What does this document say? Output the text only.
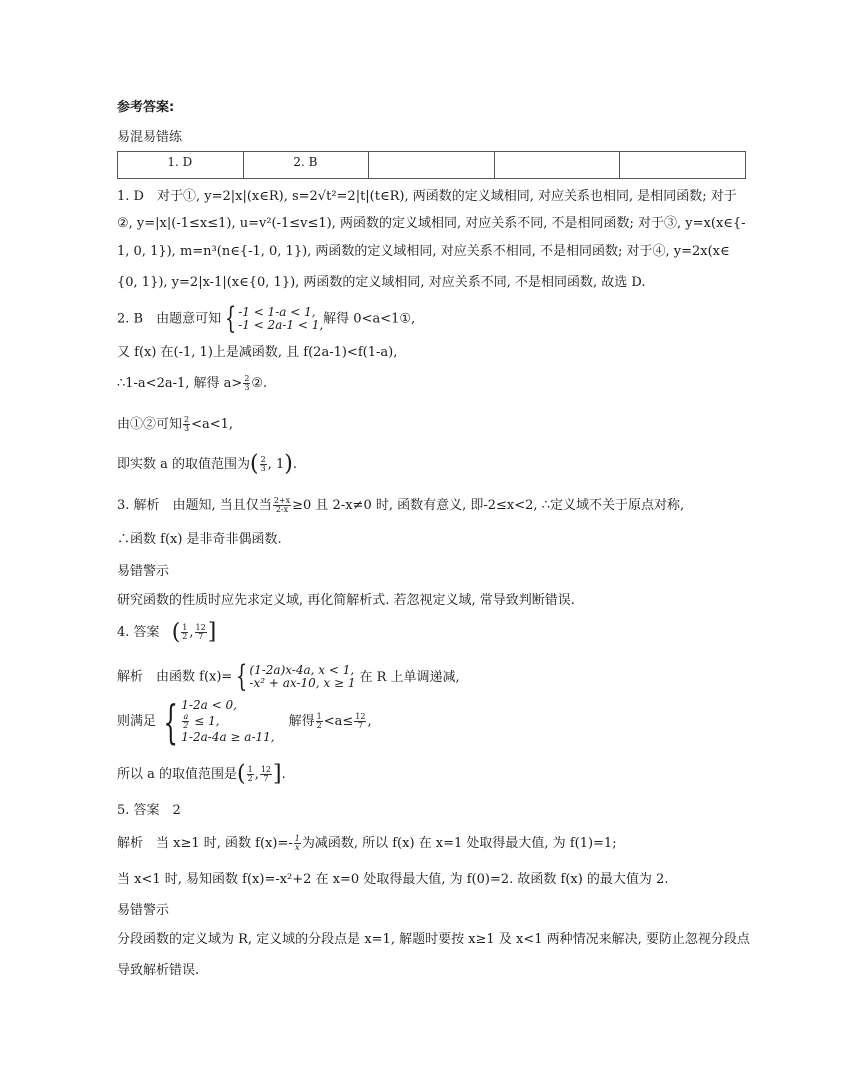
参考答案:
易混易错练
1. D	2. B			
1. D　对于①, y=2|x|(x∈R), s=2√t²=2|t|(t∈R), 两函数的定义域相同, 对应关系也相同, 是相同函数; 对于
②, y=|x|(-1≤x≤1), u=v²(-1≤v≤1), 两函数的定义域相同, 对应关系不同, 不是相同函数; 对于③, y=x(x∈{-
1, 0, 1}), m=n³(n∈{-1, 0, 1}), 两函数的定义域相同, 对应关系不相同, 不是相同函数; 对于④, y=2x(x∈
{0, 1}), y=2|x-1|(x∈{0, 1}), 两函数的定义域相同, 对应关系不同, 不是相同函数, 故选 D.
2. B　由题意可知 { -1 < 1-a < 1,
-1 < 2a-1 < 1, 解得 0<a<1①,
又 f(x) 在(-1, 1)上是减函数, 且 f(2a-1)<f(1-a),
∴1-a<2a-1, 解得 $a> \frac{2}{3}$ ②.
由①②可知 $\frac{2}{3} <a<1$,
即实数 a 的取值范围为( $\frac{2}{3}$ , 1).
3. 解析　由题知, 当且仅当 $\frac{2+x}{2-x} \ge 0$ 且 2-x≠0 时, 函数有意义, 即-2≤x<2, ∴定义域不关于原点对称,
∴函数 f(x) 是非奇非偶函数.
易错警示
研究函数的性质时应先求定义域, 再化简解析式. 若忽视定义域, 常导致判断错误.
4. 答案 ( $\frac{1}{2}$ , $\frac{12}{7}$ ]
解析　由函数 f(x)= { (1-2a)x-4a, x < 1,
-x² + ax-10, x ≥ 1 在 R 上单调递减,
则满足 { 1-2a < 0,
$\frac{a}{2} \le 1$,
1-2a-4a ≥ a-11,
解得 $\frac{1}{2} <a\le \frac{12}{7}$ ,
所以 a 的取值范围是( $\frac{1}{2}$ , $\frac{12}{7}$ ].
5. 答案　2
解析　当 x≥1 时, 函数 $f(x)=- \frac{1}{x}$ 为减函数, 所以 f(x) 在 x=1 处取得最大值, 为 f(1)=1;
当 x<1 时, 易知函数 f(x)=-x²+2 在 x=0 处取得最大值, 为 f(0)=2. 故函数 f(x) 的最大值为 2.
易错警示
分段函数的定义域为 R, 定义域的分段点是 x=1, 解题时要按 x≥1 及 x<1 两种情况来解决, 要防止忽视分段点
导致解析错误.
